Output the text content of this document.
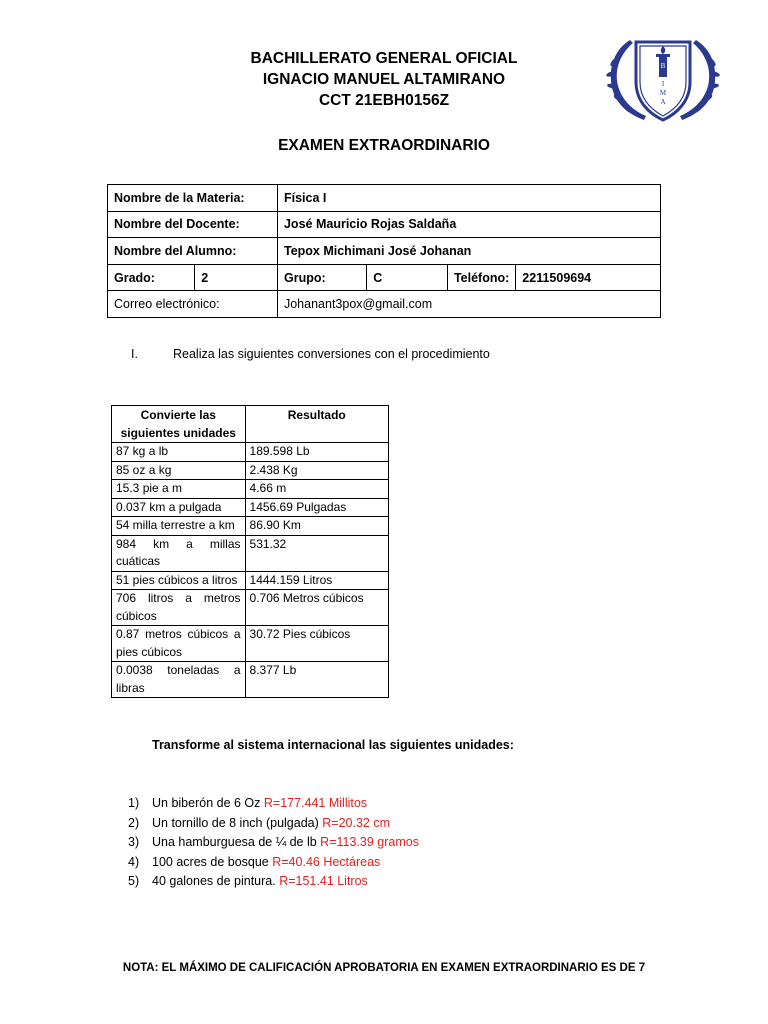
BACHILLERATO GENERAL OFICIAL
IGNACIO MANUEL ALTAMIRANO
CCT 21EBH0156Z
EXAMEN EXTRAORDINARIO
B
I
M
A
Nombre de la Materia:		Física I			
Nombre del Docente:		José Mauricio Rojas Saldaña			
Nombre del Alumno:		Tepox Michimani José Johanan			
Grado:	2	Grupo:	C	Teléfono:	2211509694
Correo electrónico:		Johanant3pox@gmail.com			
I.	Realiza las siguientes conversiones con el procedimiento
Convierte las siguientes unidades	Resultado
87 kg a lb	189.598 Lb
85 oz a kg	2.438 Kg
15.3 pie a m	4.66 m
0.037 km a pulgada	1456.69 Pulgadas
54 milla terrestre a km	86.90 Km
984 km a millas cuáticas	531.32
51 pies cúbicos a litros	1444.159 Litros
706 litros a metros cúbicos	0.706 Metros cúbicos
0.87 metros cúbicos a pies cúbicos	30.72 Pies cúbicos
0.0038 toneladas a libras	8.377 Lb
Transforme al sistema internacional las siguientes unidades:
1)	Un biberón de 6 Oz R=177.441 Millitos
2)	Un tornillo de 8 inch (pulgada) R=20.32 cm
3)	Una hamburguesa de ¼ de lb R=113.39 gramos
4)	100 acres de bosque R=40.46 Hectáreas
5)	40 galones de pintura. R=151.41 Litros
NOTA: EL MÁXIMO DE CALIFICACIÓN APROBATORIA EN EXAMEN EXTRAORDINARIO ES DE 7
